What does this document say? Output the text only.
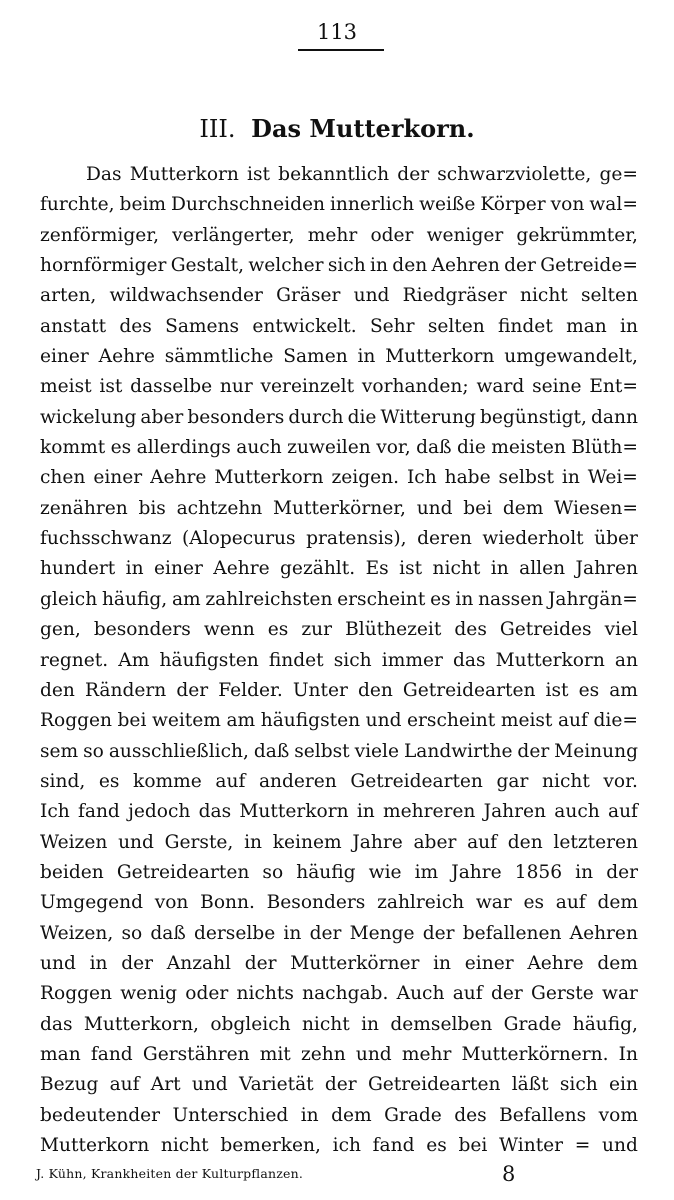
113
III. Das Mutterkorn.
Das Mutterkorn ist bekanntlich der schwarzviolette, ge=
furchte, beim Durchschneiden innerlich weiße Körper von wal=
zenförmiger, verlängerter, mehr oder weniger gekrümmter,
hornförmiger Gestalt, welcher sich in den Aehren der Getreide=
arten, wildwachsender Gräser und Riedgräser nicht selten
anstatt des Samens entwickelt. Sehr selten findet man in
einer Aehre sämmtliche Samen in Mutterkorn umgewandelt,
meist ist dasselbe nur vereinzelt vorhanden; ward seine Ent=
wickelung aber besonders durch die Witterung begünstigt, dann
kommt es allerdings auch zuweilen vor, daß die meisten Blüth=
chen einer Aehre Mutterkorn zeigen. Ich habe selbst in Wei=
zenähren bis achtzehn Mutterkörner, und bei dem Wiesen=
fuchsschwanz (Alopecurus pratensis), deren wiederholt über
hundert in einer Aehre gezählt. Es ist nicht in allen Jahren
gleich häufig, am zahlreichsten erscheint es in nassen Jahrgän=
gen, besonders wenn es zur Blüthezeit des Getreides viel
regnet. Am häufigsten findet sich immer das Mutterkorn an
den Rändern der Felder. Unter den Getreidearten ist es am
Roggen bei weitem am häufigsten und erscheint meist auf die=
sem so ausschließlich, daß selbst viele Landwirthe der Meinung
sind, es komme auf anderen Getreidearten gar nicht vor.
Ich fand jedoch das Mutterkorn in mehreren Jahren auch auf
Weizen und Gerste, in keinem Jahre aber auf den letzteren
beiden Getreidearten so häufig wie im Jahre 1856 in der
Umgegend von Bonn. Besonders zahlreich war es auf dem
Weizen, so daß derselbe in der Menge der befallenen Aehren
und in der Anzahl der Mutterkörner in einer Aehre dem
Roggen wenig oder nichts nachgab. Auch auf der Gerste war
das Mutterkorn, obgleich nicht in demselben Grade häufig,
man fand Gerstähren mit zehn und mehr Mutterkörnern. In
Bezug auf Art und Varietät der Getreidearten läßt sich ein
bedeutender Unterschied in dem Grade des Befallens vom
Mutterkorn nicht bemerken, ich fand es bei Winter = und
J. Kühn, Krankheiten der Kulturpflanzen.	8
